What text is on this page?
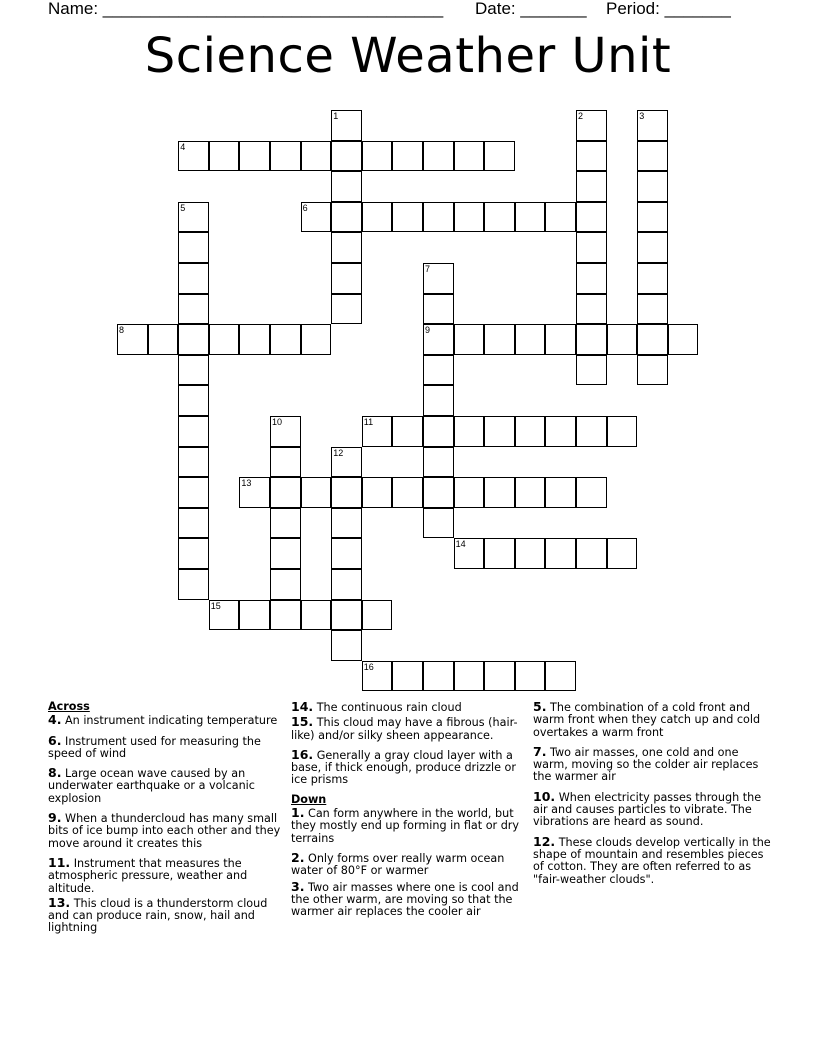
Name: ____________________________________ Date: _______ Period: _______
Science Weather Unit
1	2	3
4
5	6
7
8	9
10	11
12
13
14
15
16
Across
4. An instrument indicating temperature
6. Instrument used for measuring the speed of wind
8. Large ocean wave caused by an underwater earthquake or a volcanic explosion
9. When a thundercloud has many small bits of ice bump into each other and they move around it creates this
11. Instrument that measures the atmospheric pressure, weather and altitude.
13. This cloud is a thunderstorm cloud and can produce rain, snow, hail and lightning
14. The continuous rain cloud
15. This cloud may have a fibrous (hair-like) and/or silky sheen appearance.
16. Generally a gray cloud layer with a base, if thick enough, produce drizzle or ice prisms
Down
1. Can form anywhere in the world, but they mostly end up forming in flat or dry terrains
2. Only forms over really warm ocean water of 80°F or warmer
3. Two air masses where one is cool and the other warm, are moving so that the warmer air replaces the cooler air
5. The combination of a cold front and warm front when they catch up and cold overtakes a warm front
7. Two air masses, one cold and one warm, moving so the colder air replaces the warmer air
10. When electricity passes through the air and causes particles to vibrate. The vibrations are heard as sound.
12. These clouds develop vertically in the shape of mountain and resembles pieces of cotton. They are often referred to as "fair-weather clouds".
